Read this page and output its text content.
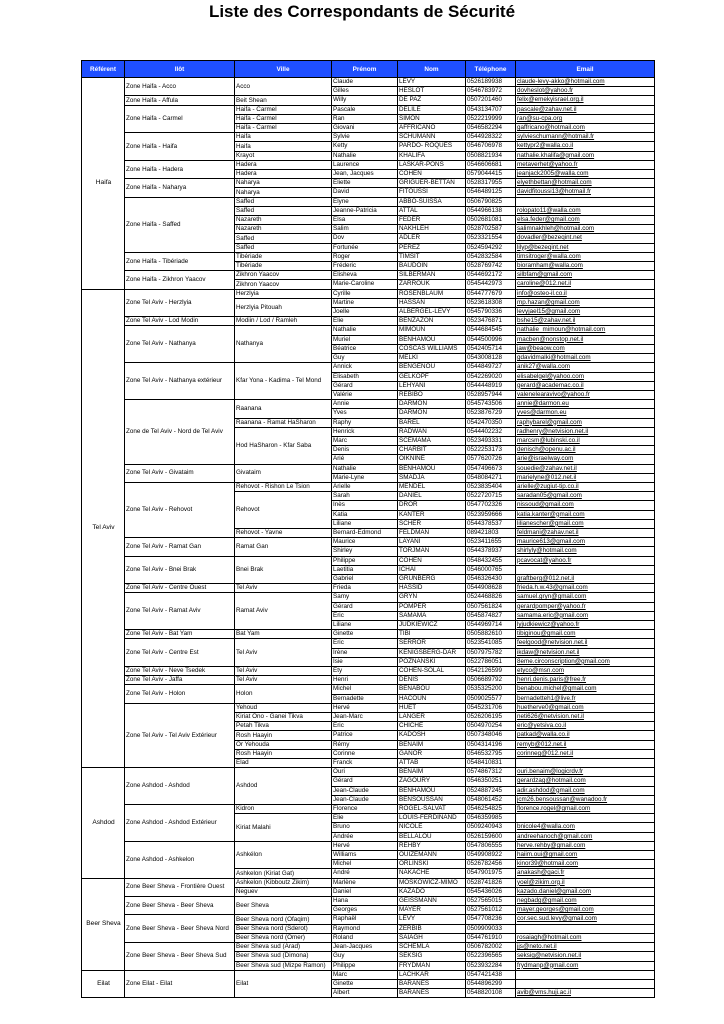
Liste des Correspondants de Sécurité
Référent	Ilôt	Ville	Prénom	Nom	Téléphone	Email
Haifa	Zone Haifa - Acco	Acco	Claude	LEVY	0526189938	claude-levy-akko@hotmail.com
			Gilles	HESLOT	0546783972	dovheslot@yahoo.fr
	Zone Haifa - Affula	Beit Shean	Willy	DE PAZ	0507201460	felix@emekyisrael.org.il
	Zone Haifa - Carmel	Haifa - Carmel	Pascale	DELILE	0543134707	pascale@zahav.net.il
		Haifa - Carmel	Ran	SIMON	0522219999	ran@su-cpa.org
		Haifa - Carmel	Giovani	AFFRICANO	0546582294	gaffricano@hotmail.com
	Zone Haifa - Haifa	Haifa	Sylvie	SCHUMANN	0544928322	sylvieschumann@hotmail.fr
		Haifa	Ketty	PARDO- ROQUES	0546706978	kettypr2@walla.co.il
		Krayot	Nathalie	KHALIFA	0508821934	nathalie.khalifa@gmail.com
	Zone Haifa - Hadera	Hadera	Laurence	LASKAR-PONS	0546606681	metaverhet@yahoo.fr
		Hadera	Jean, Jacques	COHEN	0579044415	jeanjack2005@walla.com
	Zone Haifa - Naharya	Naharya	Eliette	GRIGUER-BETTAN	0528317955	elyethbettan@hotmail.com
		Naharya	David	FITOUSSI	0546489125	davidfitoussi13@hotmail.fr
	Zone Haifa - Saffed	Saffed	Elyne	ABBO-SUISSA	0506790825	
		Saffed	Jeanne-Patricia	ATTAL	0544966138	rolopato11@walla.com
		Nazareth	Elsa	FEDER	0502681081	elsa.feder@gmail.com
		Nazareth	Salim	NAKHLEH	0528702587	salimnakhleh@hotmail.com
		Saffed	Dov	ADLER	0523321554	dovadler@bezeqint.net
		Saffed	Fortunée	PEREZ	0524594292	lilyp@bezeqint.net
	Zone Haifa - Tibériade	Tibériade	Roger	TIMSIT	0542832584	timsitroger@walla.com
		Tibériade	Fréderic	BAUDOIN	0528769742	bioramham@walla.com
	Zone Haifa - Zikhron Yaacov	Zikhron Yaacov	Elisheva	SILBERMAN	0544692172	silbfam@gmail.com
		Zikhron Yaacov	Marie-Caroline	ZARROUK	0545442973	caroline@012.net.il
Tel Aviv	Zone Tel Aviv - Herzlyia	Herzlyia	Cyrille	ROSENBLAUM	0544777679	info@osteo-il.co.il
		Herzlyia Pitouah	Martine	HASSAN	0523618308	mp.hazan@gmail.com
			Joelle	ALBERGEL-LEVY	0545790336	levyjael15@gmail.com
	Zone Tel Aviv - Lod Modin	Modiin / Lod / Ramleh	Elie	BENZAZON	0523476871	bshe15@zahav.net.il
	Zone Tel Aviv - Nathanya	Nathanya	Nathalie	MIMOUN	0544684545	nathalie_mimoun@hotmail.com
			Muriel	BENHAMOU	0544500996	macben@nonstop.net.il
			Béatrice	COSCAS WILLIAMS	0542405714	jaw@beaow.com
			Guy	MELKI	0543008128	gdavidmalki@hotmail.com
	Zone Tel Aviv - Nathanya extérieur	Kfar Yona - Kadima - Tel Mond	Annick	BENGENOU	0544849727	anik27@walla.com
			Elisabeth	GELKOPF	0542269020	elisabelgel@yahoo.com
			Gérard	LEHYANI	0544448919	gerard@academac.co.il
			Valérie	REBIBO	0528957944	valenelearavivo@yahoo.fr
	Zone de Tel Aviv - Nord de Tel Aviv	Raanana	Annie	DARMON	0545743506	annie@darmon.eu
			Yves	DARMON	0523876729	yves@darmon.eu
		Raanana - Ramat HaSharon	Raphy	BAREL	0542470350	raphybarel@gmail.com
		Hod HaSharon - Kfar Saba	Henrick	RADWAN	0544402232	radhenry@netvision.net.il
			Marc	SCEMAMA	0523493331	marcsm@lubinski.co.il
			Denis	CHARBIT	0522253173	denisch@openu.ac.il
			Arié	OIKNINE	0577620726	arie@israelway.com
	Zone Tel Aviv - Givataim	Givataim	Nathalie	BENHAMOU	0547496673	souedie@zahav.net.il
			Marie-Lyne	SMADJA	0548084271	marielyne@012.net.il
	Zone Tel Aviv - Rehovot	Rehovot - Rishon Le Tsion	Arielle	MENDEL	0523835404	arielle@zugiut-tip.co.il
		Rehovot	Sarah	DANIEL	0522720715	saradan05@gmail.com
			Inès	DROR	0547702326	nissoud@gmail.com
			Katia	KANTER	0523959666	katia.kanter@gmail.com
			Liliane	SCHER	0544378537	lilianescher@gmail.com
		Rehovot - Yavne	Bernard-Edmond	FELDMAN	089421803	feldmani@zahav.net.il
	Zone Tel Aviv - Ramat Gan	Ramat Gan	Maurice	LAYANI	0523411655	maurice613@gmail.com
			Shirley	TORJMAN	0544378937	shirlyly@hotmail.com
	Zone Tel Aviv - Bnei Brak	Bnei Brak	Philippe	COHEN	0548432455	pcavocat@yahoo.fr
			Laetitia	ICHAI	0546000765	
			Gabriel	GRUNBERG	0546326430	graftberg@012.net.il
	Zone Tel Aviv - Centre Ouest	Tel Aviv	Frieda	HASSID	0544908628	frieda.h.w.43@gmail.com
	Zone Tel Aviv - Ramat Aviv	Ramat Aviv	Samy	GRYN	0524468826	samuel.gryn@gmail.com
			Gérard	POMPER	0507561824	gerardpomper@yahoo.fr
			Eric	SAMAMA	0545874827	samama.eric@gmail.com
			Liliane	JUDKIEWICZ	0544969714	lyjudkiewicz@yahoo.fr
	Zone Tel Aviv - Bat Yam	Bat Yam	Ginette	TIBI	0505882610	tibiginou@gmail.com
	Zone Tel Aviv - Centre Est	Tel Aviv	Eric	SERROR	0523541085	feelgood@netvision.net.il
			Irène	KENIGSBERG-DAR	0507975782	ikdaw@netvision.net.il
			Isie	POZNANSKI	0522786051	8eme.circonscription@gmail.com
	Zone Tel Aviv - Neve Tsedek	Tel Aviv	Ety	COHEN-SOLAL	0542126599	etyco@msn.com
	Zone Tel Aviv - Jaffa	Tel Aviv	Henri	DENIS	0506689792	henri.denis.paris@free.fr
	Zone Tel Aviv - Holon	Holon	Michel	BENABOU	0535325200	benabou.michel@gmail.com
			Bernadette	HACOUN	0509025577	bernadetteh1@live.fr
	Zone Tel Aviv - Tel Aviv Extérieur	Yehoud	Hervé	HUET	0545231706	huetherve0@gmail.com
		Kiriat Ono - Ganei Tikva	Jean-Marc	LANGER	0526206195	neti626@netvision.net.il
		Petah Tikva	Eric	CHICHE	0504970254	eric@yetsiva.co.il
		Rosh Haayin	Patrice	KADOSH	0507348046	patkad@walla.co.il
		Or Yehouda	Rémy	BENAIM	0504314196	remyb@012.net.il
		Rosh Haayin	Corinne	GANOR	0546532795	corinneg@012.net.il
		Elad	Franck	ATTAB	0548410831	
Ashdod	Zone Ashdod - Ashdod	Ashdod	Ouri	BENAIM	0574867312	ouri.benaim@logicrdv.fr
			Gérard	ZAGOURY	0546350251	gerardzag@hotmail.com
			Jean-Claude	BENHAMOU	0524887245	adir.ashdod@gmail.com
			Jean-Claude	BENSOUSSAN	0548061452	jcm26.bensoussan@wanadoo.fr
	Zone Ashdod - Ashdod Extérieur	Kidron	Florence	ROGEL-SALVAT	0546254825	florence.rogel@gmail.com
		Kiriat Malahi	Elie	LOUIS-FERDINAND	0546359985	
			Bruno	NICOLE	0509240943	bnicole4@walla.com
			Andrée	BELLALOU	0526159600	andreehanoch@gmail.com
	Zone Ashdod - Ashkelon	Ashkélon	Hervé	REHBY	0547806555	herve.rehby@gmail.com
			Williams	OUIZEMANN	0549908922	haiim.oui@gmail.com
			Michel	ORLINSKI	0526782456	kinor39@hotmail.com
		Ashkelon (Kiriat Gat)	André	NAKACHE	0547901975	anakash@gaci.fr
Beer Sheva	Zone Beer Sheva - Frontière Ouest	Ashkelon (Kibboutz Zikim)	Marlène	MOSKOWICZ-MIMO	0528741826	yoel@zikim.org.il
		Neguev	Daniel	KAZADO	0545436026	kazado.daniel@gmail.com
	Zone Beer Sheva - Beer Sheva	Beer Sheva	Hana	GEISSMANN	0527565015	negbadg@gmail.com
			Georges	MAYER	0527561012	mayer.georges@gmail.com
	Zone Beer Sheva - Beer Sheva Nord	Beer Sheva nord (Ofaqim)	Raphaël	LEVY	0547708236	cor.sec.sud.levy@gmail.com
		Beer Sheva nord (Sderot)	Raymond	ZERBIB	0509909033	
		Beer Sheva nord (Omer)	Roland	SAIAGH	0544761910	rosaiagh@hotmail.com
	Zone Beer Sheva - Beer Sheva Sud	Beer Sheva sud (Arad)	Jean-Jacques	SCHEMLA	0506782002	jjs@neto.net.il
		Beer Sheva sud (Dimona)	Guy	SEKSIG	0522396565	seksig@netvision.net.il
		Beer Sheva sud (Mizpe Ramon)	Philippe	FRYDMAN	0523932284	frydmanp@gmail.com
Eilat	Zone Eilat - Eilat	Eilat	Marc	LACHKAR	0547421438	
			Ginette	BARANES	0544896299	
			Albert	BARANES	0548820108	avib@vms.huji.ac.il
